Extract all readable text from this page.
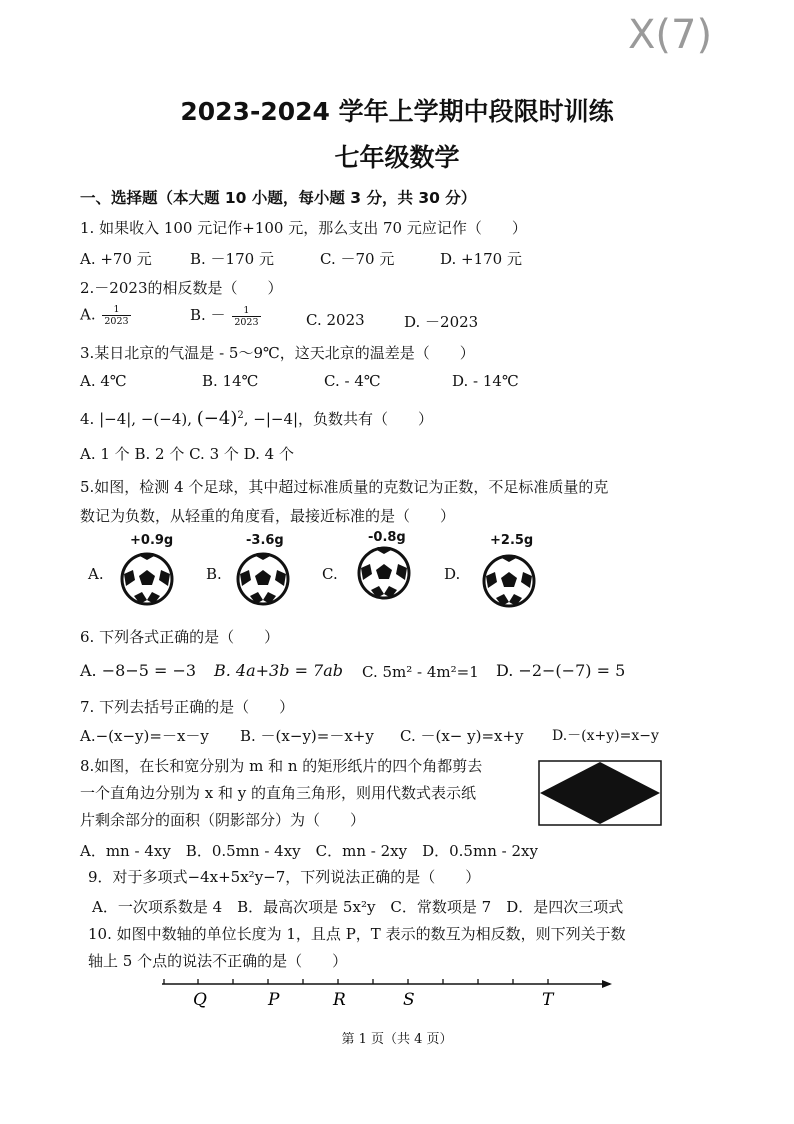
X(7)
2023-2024 学年上学期中段限时训练
七年级数学
一、选择题（本大题 10 小题，每小题 3 分，共 30 分）
1. 如果收入 100 元记作+100 元，那么支出 70 元应记作（　　）
A. +70 元	B. －170 元	C. －70 元	D. +170 元
2.－2023的相反数是（　　）
A. $\frac{1}{2023}$	B. － $\frac{1}{2023}$	C. 2023	D. －2023
3.某日北京的气温是 - 5～9℃，这天北京的温差是（　　）
A. 4℃	B. 14℃	C. - 4℃	D. - 14℃
4. |−4|, −(−4), $(-4)^2$, −|−4|，负数共有（　　）
A. 1 个 B. 2 个 C. 3 个 D. 4 个
5.如图，检测 4 个足球，其中超过标准质量的克数记为正数，不足标准质量的克
数记为负数，从轻重的角度看，最接近标准的是（　　）
A.
+0.9g
B.
-3.6g
C.
-0.8g
D.
+2.5g
6. 下列各式正确的是（　　）
A. −8−5 = −3 B. 4a+3b = 7ab C. 5m² - 4m²=1 D. −2−(−7) = 5
7. 下列去括号正确的是（　　）
A.−(x−y)=－x－y B. －(x−y)=－x+y C. －(x− y)=x+y D.－(x+y)=x−y
8.如图，在长和宽分别为 m 和 n 的矩形纸片的四个角都剪去
一个直角边分别为 x 和 y 的直角三角形，则用代数式表示纸
片剩余部分的面积（阴影部分）为（　　）
A．mn - 4xy　B．0.5mn - 4xy　C．mn - 2xy　D．0.5mn - 2xy
9．对于多项式−4x+5x²y−7，下列说法正确的是（　　）
A．一次项系数是 4　B．最高次项是 5x²y　C．常数项是 7　D．是四次三项式
10. 如图中数轴的单位长度为 1，且点 P，T 表示的数互为相反数，则下列关于数
轴上 5 个点的说法不正确的是（　　）
Q	P	R	S	T
第 1 页（共 4 页）
